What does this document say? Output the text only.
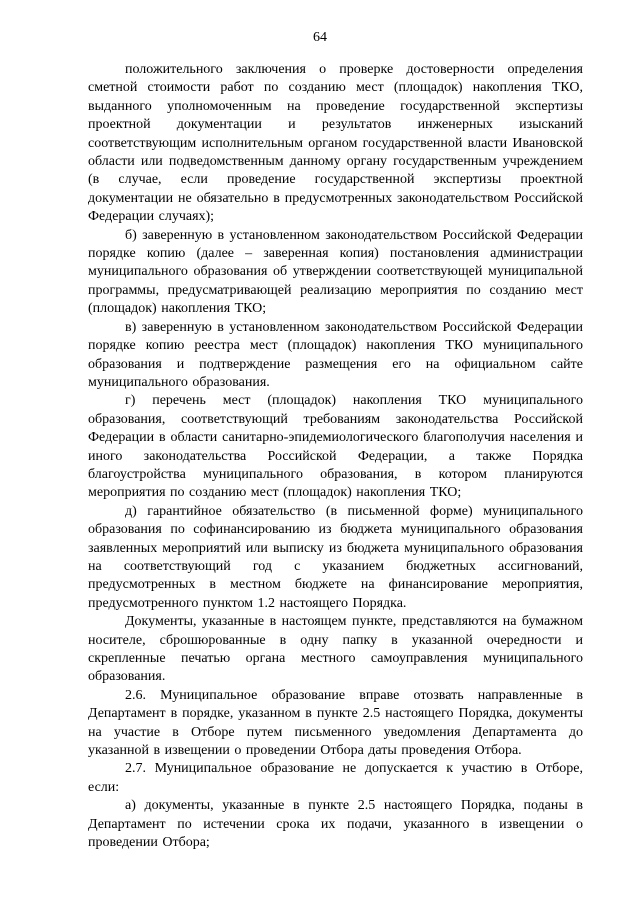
64

положительного заключения о проверке достоверности определения сметной стоимости работ по созданию мест (площадок) накопления ТКО, выданного уполномоченным на проведение государственной экспертизы проектной документации и результатов инженерных изысканий соответствующим исполнительным органом государственной власти Ивановской области или подведомственным данному органу государственным учреждением (в случае, если проведение государственной экспертизы проектной документации не обязательно в предусмотренных законодательством Российской Федерации случаях);

б) заверенную в установленном законодательством Российской Федерации порядке копию (далее – заверенная копия) постановления администрации муниципального образования об утверждении соответствующей муниципальной программы, предусматривающей реализацию мероприятия по созданию мест (площадок) накопления ТКО;

в) заверенную в установленном законодательством Российской Федерации порядке копию реестра мест (площадок) накопления ТКО муниципального образования и подтверждение размещения его на официальном сайте муниципального образования.

г) перечень мест (площадок) накопления ТКО муниципального образования, соответствующий требованиям законодательства Российской Федерации в области санитарно-эпидемиологического благополучия населения и иного законодательства Российской Федерации, а также Порядка благоустройства муниципального образования, в котором планируются мероприятия по созданию мест (площадок) накопления ТКО;

д) гарантийное обязательство (в письменной форме) муниципального образования по софинансированию из бюджета муниципального образования заявленных мероприятий или выписку из бюджета муниципального образования на соответствующий год с указанием бюджетных ассигнований, предусмотренных в местном бюджете на финансирование мероприятия, предусмотренного пунктом 1.2 настоящего Порядка.

Документы, указанные в настоящем пункте, представляются на бумажном носителе, сброшюрованные в одну папку в указанной очередности и скрепленные печатью органа местного самоуправления муниципального образования.

2.6. Муниципальное образование вправе отозвать направленные в Департамент в порядке, указанном в пункте 2.5 настоящего Порядка, документы на участие в Отборе путем письменного уведомления Департамента до указанной в извещении о проведении Отбора даты проведения Отбора.

2.7. Муниципальное образование не допускается к участию в Отборе, если:

а) документы, указанные в пункте 2.5 настоящего Порядка, поданы в Департамент по истечении срока их подачи, указанного в извещении о проведении Отбора;
